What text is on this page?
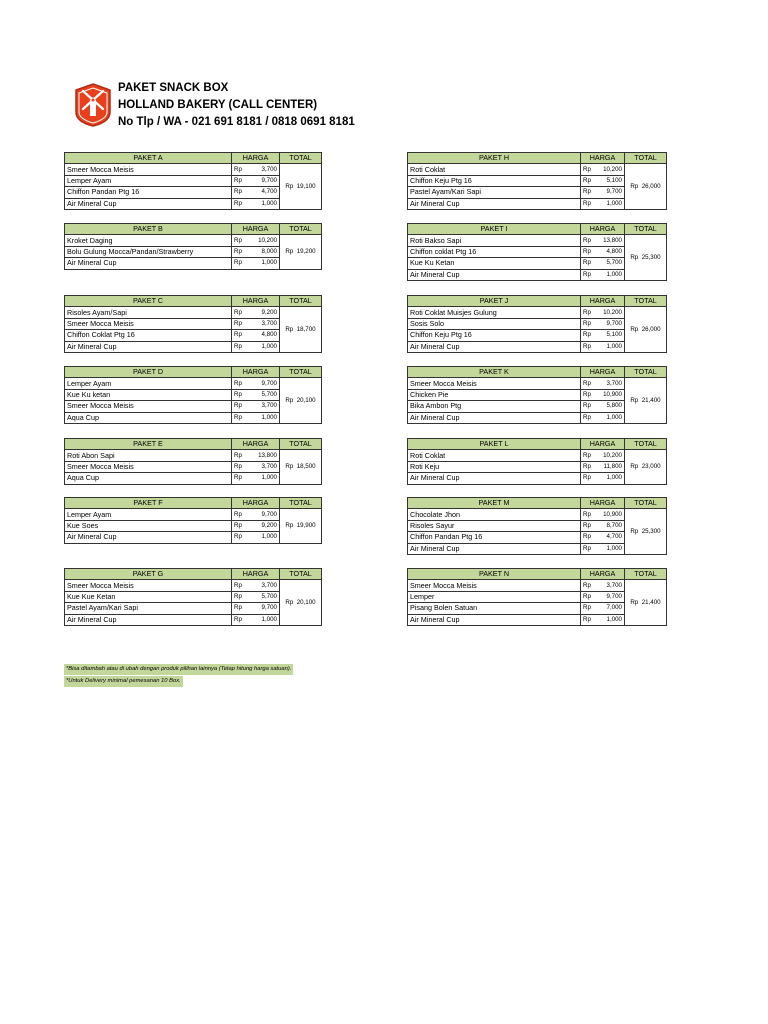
PAKET SNACK BOX
HOLLAND BAKERY (CALL CENTER)
No Tlp / WA - 021 691 8181 / 0818 0691 8181
PAKET A	HARGA	TOTAL
Smeer Mocca Meisis	Rp 3,700	Rp  19,100
Lemper Ayam	Rp 9,700	

Chiffon Pandan Ptg 16	Rp 4,700	

Air Mineral Cup	Rp 1,000	
PAKET B	HARGA	TOTAL
Kroket Daging	Rp 10,200	Rp  19,200
Bolu Gulung Mocca/Pandan/Strawberry	Rp 8,000	

Air Mineral Cup	Rp 1,000	
PAKET C	HARGA	TOTAL
Risoles Ayam/Sapi	Rp 9,200	Rp  18,700
Smeer Mocca Meisis	Rp 3,700	

Chiffon Coklat Ptg 16	Rp 4,800	

Air Mineral Cup	Rp 1,000	
PAKET D	HARGA	TOTAL
Lemper Ayam	Rp 9,700	Rp  20,100
Kue Ku ketan	Rp 5,700	

Smeer Mocca Meisis	Rp 3,700	

Aqua Cup	Rp 1,000	
PAKET E	HARGA	TOTAL
Roti Abon Sapi	Rp 13,800	Rp  18,500
Smeer Mocca Meisis	Rp 3,700	

Aqua Cup	Rp 1,000	
PAKET F	HARGA	TOTAL
Lemper Ayam	Rp 9,700	Rp  19,900
Kue Soes	Rp 9,200	

Air Mineral Cup	Rp 1,000	
PAKET G	HARGA	TOTAL
Smeer Mocca Meisis	Rp 3,700	Rp  20,100
Kue Kue Ketan	Rp 5,700	

Pastel Ayam/Kari Sapi	Rp 9,700	

Air Mineral Cup	Rp 1,000	
PAKET H	HARGA	TOTAL
Roti Coklat	Rp 10,200	Rp  26,000
Chiffon Keju Ptg 16	Rp 5,100	

Pastel Ayam/Kari Sapi	Rp 9,700	

Air Mineral Cup	Rp 1,000	
PAKET I	HARGA	TOTAL
Roti Bakso Sapi	Rp 13,800	Rp  25,300
Chiffon coklat Ptg 16	Rp 4,800	

Kue Ku Ketan	Rp 5,700	

Air Mineral Cup	Rp 1,000	
PAKET J	HARGA	TOTAL
Roti Coklat Muisjes Gulung	Rp 10,200	Rp  26,000
Sosis Solo	Rp 9,700	

Chiffon Keju Ptg 16	Rp 5,100	

Air Mineral Cup	Rp 1,000	
PAKET K	HARGA	TOTAL
Smeer Mocca Meisis	Rp 3,700	Rp  21,400
Chicken Pie	Rp 10,900	

Bika Ambon Ptg	Rp 5,800	

Air Mineral Cup	Rp 1,000	
PAKET L	HARGA	TOTAL
Roti Coklat	Rp 10,200	Rp  23,000
Roti Keju	Rp 11,800	

Air Mineral Cup	Rp 1,000	
PAKET M	HARGA	TOTAL
Chocolate Jhon	Rp 10,900	Rp  25,300
Risoles Sayur	Rp 8,700	

Chiffon Pandan Ptg 16	Rp 4,700	

Air Mineral Cup	Rp 1,000	
PAKET N	HARGA	TOTAL
Smeer Mocca Meisis	Rp 3,700	Rp  21,400
Lemper	Rp 9,700	

Pisang Bolen Satuan	Rp 7,000	

Air Mineral Cup	Rp 1,000	
*Bisa ditambah atau di ubah dengan produk pilihan lainnya (Tetap hitung harga satuan).
*Untuk Delivery minimal pemesanan 10 Box.
